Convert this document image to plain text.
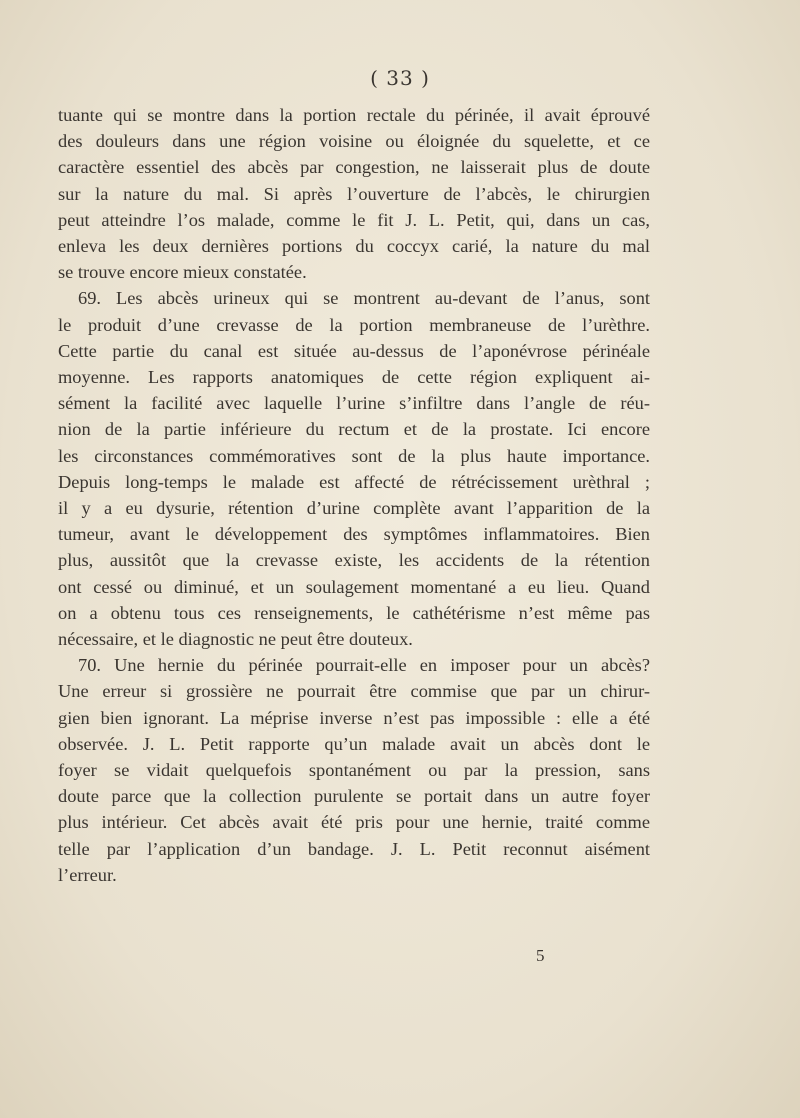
( 33 )
tuante qui se montre dans la portion rectale du périnée, il avait éprouvé
des douleurs dans une région voisine ou éloignée du squelette, et ce
caractère essentiel des abcès par congestion, ne laisserait plus de doute
sur la nature du mal. Si après l’ouverture de l’abcès, le chirurgien
peut atteindre l’os malade, comme le fit J. L. Petit, qui, dans un cas,
enleva les deux dernières portions du coccyx carié, la nature du mal
se trouve encore mieux constatée.
69. Les abcès urineux qui se montrent au-devant de l’anus, sont
le produit d’une crevasse de la portion membraneuse de l’urèthre.
Cette partie du canal est située au-dessus de l’aponévrose périnéale
moyenne. Les rapports anatomiques de cette région expliquent ai-
sément la facilité avec laquelle l’urine s’infiltre dans l’angle de réu-
nion de la partie inférieure du rectum et de la prostate. Ici encore
les circonstances commémoratives sont de la plus haute importance.
Depuis long-temps le malade est affecté de rétrécissement urèthral ;
il y a eu dysurie, rétention d’urine complète avant l’apparition de la
tumeur, avant le développement des symptômes inflammatoires. Bien
plus, aussitôt que la crevasse existe, les accidents de la rétention
ont cessé ou diminué, et un soulagement momentané a eu lieu. Quand
on a obtenu tous ces renseignements, le cathétérisme n’est même pas
nécessaire, et le diagnostic ne peut être douteux.
70. Une hernie du périnée pourrait-elle en imposer pour un abcès?
Une erreur si grossière ne pourrait être commise que par un chirur-
gien bien ignorant. La méprise inverse n’est pas impossible : elle a été
observée. J. L. Petit rapporte qu’un malade avait un abcès dont le
foyer se vidait quelquefois spontanément ou par la pression, sans
doute parce que la collection purulente se portait dans un autre foyer
plus intérieur. Cet abcès avait été pris pour une hernie, traité comme
telle par l’application d’un bandage. J. L. Petit reconnut aisément
l’erreur.
5
